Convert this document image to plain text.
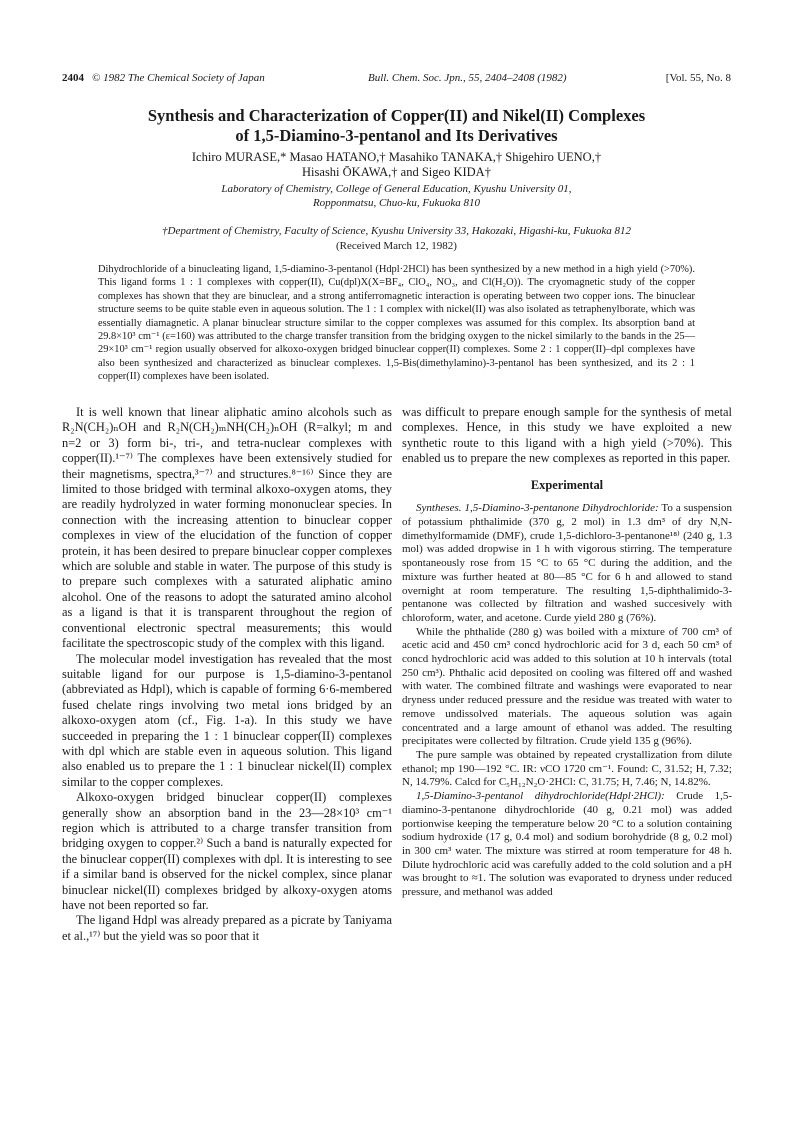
2404 © 1982 The Chemical Society of Japan	Bull. Chem. Soc. Jpn., 55, 2404–2408 (1982)	[Vol. 55, No. 8
Synthesis and Characterization of Copper(II) and Nikel(II) Complexes
of 1,5-Diamino-3-pentanol and Its Derivatives
Ichiro MURASE,* Masao HATANO,† Masahiko TANAKA,† Shigehiro UENO,†
Hisashi ŌKAWA,† and Sigeo KIDA†
Laboratory of Chemistry, College of General Education, Kyushu University 01,
Ropponmatsu, Chuo-ku, Fukuoka 810
†Department of Chemistry, Faculty of Science, Kyushu University 33, Hakozaki, Higashi-ku, Fukuoka 812
(Received March 12, 1982)
Dihydrochloride of a binucleating ligand, 1,5-diamino-3-pentanol (Hdpl·2HCl) has been synthesized by a new method in a high yield (>70%). This ligand forms 1 : 1 complexes with copper(II), Cu(dpl)X(X=BF₄, ClO₄, NO₃, and Cl(H₂O)). The cryomagnetic study of the copper complexes has shown that they are binuclear, and a strong antiferromagnetic interaction is operating between two copper ions. The binuclear structure seems to be quite stable even in aqueous solution. The 1 : 1 complex with nickel(II) was also isolated as tetraphenylborate, which was essentially diamagnetic. A planar binuclear structure similar to the copper complexes was assumed for this complex. Its absorption band at 29.8×10³ cm⁻¹ (ε=160) was attributed to the charge transfer transition from the bridging oxygen to the nickel similarly to the bands in the 25—29×10³ cm⁻¹ region usually observed for alkoxo-oxygen bridged binuclear copper(II) complexes. Some 2 : 1 copper(II)–dpl complexes have also been synthesized and characterized as binuclear complexes. 1,5-Bis(dimethylamino)-3-pentanol has been synthesized, and its 2 : 1 copper(II) complexes have been isolated.

It is well known that linear aliphatic amino alcohols such as R₂N(CH₂)ₙOH and R₂N(CH₂)ₘNH(CH₂)ₙOH (R=alkyl; m and n=2 or 3) form bi-, tri-, and tetra-nuclear complexes with copper(II).¹⁻⁷⁾ The complexes have been extensively studied for their magnetisms, spectra,³⁻⁷⁾ and structures.⁸⁻¹⁶⁾ Since they are limited to those bridged with terminal alkoxo-oxygen atoms, they are readily hydrolyzed in water forming mononuclear species. In connection with the increasing attention to binuclear copper complexes in view of the elucidation of the function of copper protein, it has been desired to prepare binuclear copper complexes which are soluble and stable in water. The purpose of this study is to prepare such complexes with a saturated aliphatic amino alcohol. One of the reasons to adopt the saturated amino alcohol as a ligand is that it is transparent throughout the region of conventional electronic spectral measurements; this would facilitate the spectroscopic study of the complex with this ligand.

The molecular model investigation has revealed that the most suitable ligand for our purpose is 1,5-diamino-3-pentanol (abbreviated as Hdpl), which is capable of forming 6·6-membered fused chelate rings involving two metal ions bridged by an alkoxo-oxygen atom (cf., Fig. 1-a). In this study we have succeeded in preparing the 1 : 1 binuclear copper(II) complexes with dpl which are stable even in aqueous solution. This ligand also enabled us to prepare the 1 : 1 binuclear nickel(II) complex similar to the copper complexes.

Alkoxo-oxygen bridged binuclear copper(II) complexes generally show an absorption band in the 23—28×10³ cm⁻¹ region which is attributed to a charge transfer transition from bridging oxygen to copper.²⁾ Such a band is naturally expected for the binuclear copper(II) complexes with dpl. It is interesting to see if a similar band is observed for the nickel complex, since planar binuclear nickel(II) complexes bridged by alkoxy-oxygen atoms have not been reported so far.

The ligand Hdpl was already prepared as a picrate by Taniyama et al.,¹⁷⁾ but the yield was so poor that it

was difficult to prepare enough sample for the synthesis of metal complexes. Hence, in this study we have exploited a new synthetic route to this ligand with a high yield (>70%). This enabled us to prepare the new complexes as reported in this paper.

Experimental

Syntheses. 1,5-Diamino-3-pentanone Dihydrochloride: To a suspension of potassium phthalimide (370 g, 2 mol) in 1.3 dm³ of dry N,N-dimethylformamide (DMF), crude 1,5-dichloro-3-pentanone¹⁸⁾ (240 g, 1.3 mol) was added dropwise in 1 h with vigorous stirring. The temperature spontaneously rose from 15 °C to 65 °C during the addition, and the mixture was further heated at 80—85 °C for 6 h and allowed to stand overnight at room temperature. The resulting 1,5-diphthalimido-3-pentanone was collected by filtration and washed succesively with chloroform, water, and acetone. Curde yield 280 g (76%).

While the phthalide (280 g) was boiled with a mixture of 700 cm³ of acetic acid and 450 cm³ concd hydrochloric acid for 3 d, each 50 cm³ of concd hydrochloric acid was added to this solution at 10 h intervals (total 250 cm³). Phthalic acid deposited on cooling was filtered off and washed with water. The combined filtrate and washings were evaporated to near dryness under reduced pressure and the residue was treated with water to remove undissolved materials. The aqueous solution was again concentrated and a large amount of ethanol was added. The resulting precipitates were collected by filtration. Crude yield 135 g (96%).

The pure sample was obtained by repeated crystallization from dilute ethanol; mp 190—192 °C. IR: νCO 1720 cm⁻¹. Found: C, 31.52; H, 7.32; N, 14.79%. Calcd for C₅H₁₂N₂O·2HCl: C, 31.75; H, 7.46; N, 14.82%.

1,5-Diamino-3-pentanol dihydrochloride(Hdpl·2HCl): Crude 1,5-diamino-3-pentanone dihydrochloride (40 g, 0.21 mol) was added portionwise keeping the temperature below 20 °C to a solution containing sodium hydroxide (17 g, 0.4 mol) and sodium borohydride (8 g, 0.2 mol) in 300 cm³ water. The mixture was stirred at room temperature for 48 h. Dilute hydrochloric acid was carefully added to the cold solution and a pH was brought to ≈1. The solution was evaporated to dryness under reduced pressure, and methanol was added
